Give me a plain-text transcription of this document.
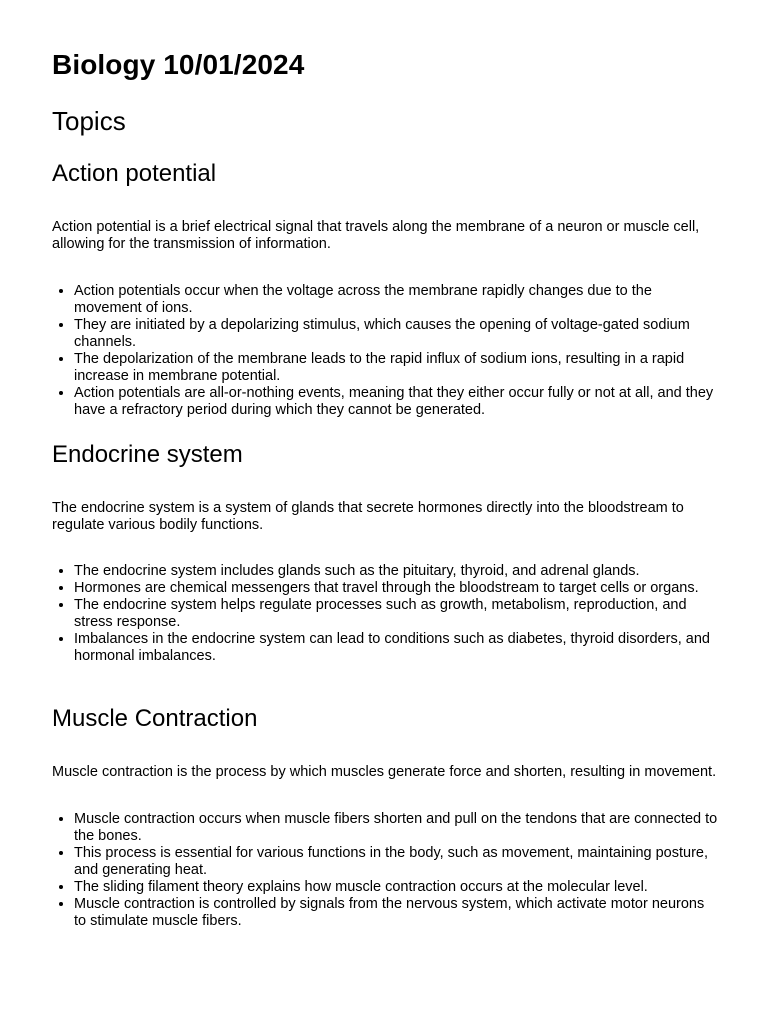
Biology 10/01/2024
Topics
Action potential

Action potential is a brief electrical signal that travels along the membrane of a neuron or muscle cell, allowing for the transmission of information.

• Action potentials occur when the voltage across the membrane rapidly changes due to the movement of ions.
• They are initiated by a depolarizing stimulus, which causes the opening of voltage-gated sodium channels.
• The depolarization of the membrane leads to the rapid influx of sodium ions, resulting in a rapid increase in membrane potential.
• Action potentials are all-or-nothing events, meaning that they either occur fully or not at all, and they have a refractory period during which they cannot be generated.
Endocrine system

The endocrine system is a system of glands that secrete hormones directly into the bloodstream to regulate various bodily functions.

• The endocrine system includes glands such as the pituitary, thyroid, and adrenal glands.
• Hormones are chemical messengers that travel through the bloodstream to target cells or organs.
• The endocrine system helps regulate processes such as growth, metabolism, reproduction, and stress response.
• Imbalances in the endocrine system can lead to conditions such as diabetes, thyroid disorders, and hormonal imbalances.
Muscle Contraction

Muscle contraction is the process by which muscles generate force and shorten, resulting in movement.

• Muscle contraction occurs when muscle fibers shorten and pull on the tendons that are connected to the bones.
• This process is essential for various functions in the body, such as movement, maintaining posture, and generating heat.
• The sliding filament theory explains how muscle contraction occurs at the molecular level.
• Muscle contraction is controlled by signals from the nervous system, which activate motor neurons to stimulate muscle fibers.
